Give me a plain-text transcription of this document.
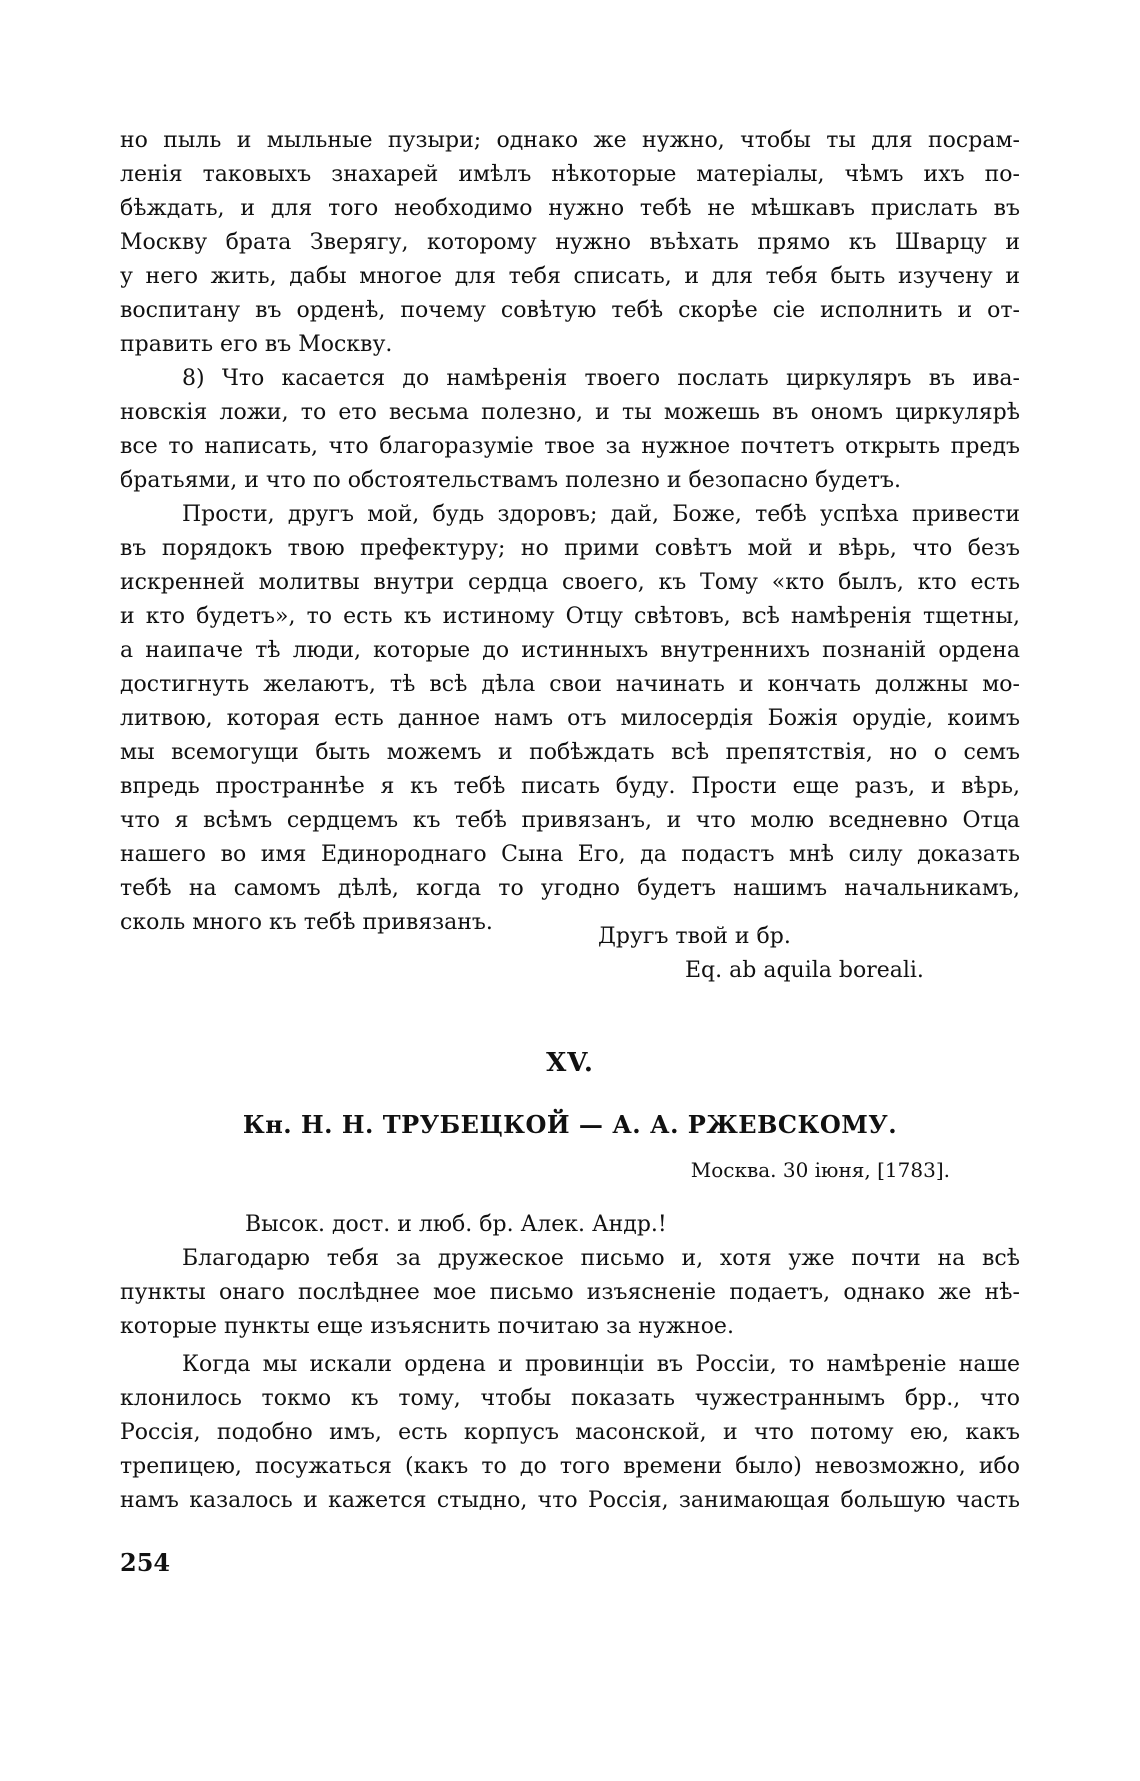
но пыль и мыльные пузыри; однако же нужно, чтобы ты для посрам-
ленія таковыхъ знахарей имѣлъ нѣкоторые матеріалы, чѣмъ ихъ по-
бѣждать, и для того необходимо нужно тебѣ не мѣшкавъ прислать въ
Москву брата Зверягу, которому нужно въѣхать прямо къ Шварцу и
у него жить, дабы многое для тебя списать, и для тебя быть изучену и
воспитану въ орденѣ, почему совѣтую тебѣ скорѣе сіе исполнить и от-
править его въ Москву.
8) Что касается до намѣренія твоего послать циркуляръ въ ива-
новскія ложи, то ето весьма полезно, и ты можешь въ ономъ циркулярѣ
все то написать, что благоразуміе твое за нужное почтетъ открыть предъ
братьями, и что по обстоятельствамъ полезно и безопасно будетъ.
Прости, другъ мой, будь здоровъ; дай, Боже, тебѣ успѣха привести
въ порядокъ твою префектуру; но прими совѣтъ мой и вѣрь, что безъ
искренней молитвы внутри сердца своего, къ Тому «кто былъ, кто есть
и кто будетъ», то есть къ истиному Отцу свѣтовъ, всѣ намѣренія тщетны,
а наипаче тѣ люди, которые до истинныхъ внутреннихъ познаній ордена
достигнуть желаютъ, тѣ всѣ дѣла свои начинать и кончать должны мо-
литвою, которая есть данное намъ отъ милосердія Божія орудіе, коимъ
мы всемогущи быть можемъ и побѣждать всѣ препятствія, но о семъ
впредь пространнѣе я къ тебѣ писать буду. Прости еще разъ, и вѣрь,
что я всѣмъ сердцемъ къ тебѣ привязанъ, и что молю вседневно Отца
нашего во имя Единороднаго Сына Его, да подастъ мнѣ силу доказать
тебѣ на самомъ дѣлѣ, когда то угодно будетъ нашимъ начальникамъ,
сколь много къ тебѣ привязанъ.
Другъ твой и бр.
Eq. ab aquila boreali.
XV.
Кн. Н. Н. ТРУБЕЦКОЙ — А. А. РЖЕВСКОМУ.
Москва. 30 іюня, [1783].
Высок. дост. и люб. бр. Алек. Андр.!
Благодарю тебя за дружеское письмо и, хотя уже почти на всѣ
пункты онаго послѣднее мое письмо изъясненіе подаетъ, однако же нѣ-
которые пункты еще изъяснить почитаю за нужное.
Когда мы искали ордена и провинціи въ Россіи, то намѣреніе наше
клонилось токмо къ тому, чтобы показать чужестраннымъ брр., что
Россія, подобно имъ, есть корпусъ масонской, и что потому ею, какъ
трепицею, посужаться (какъ то до того времени было) невозможно, ибо
намъ казалось и кажется стыдно, что Россія, занимающая большую часть
254
